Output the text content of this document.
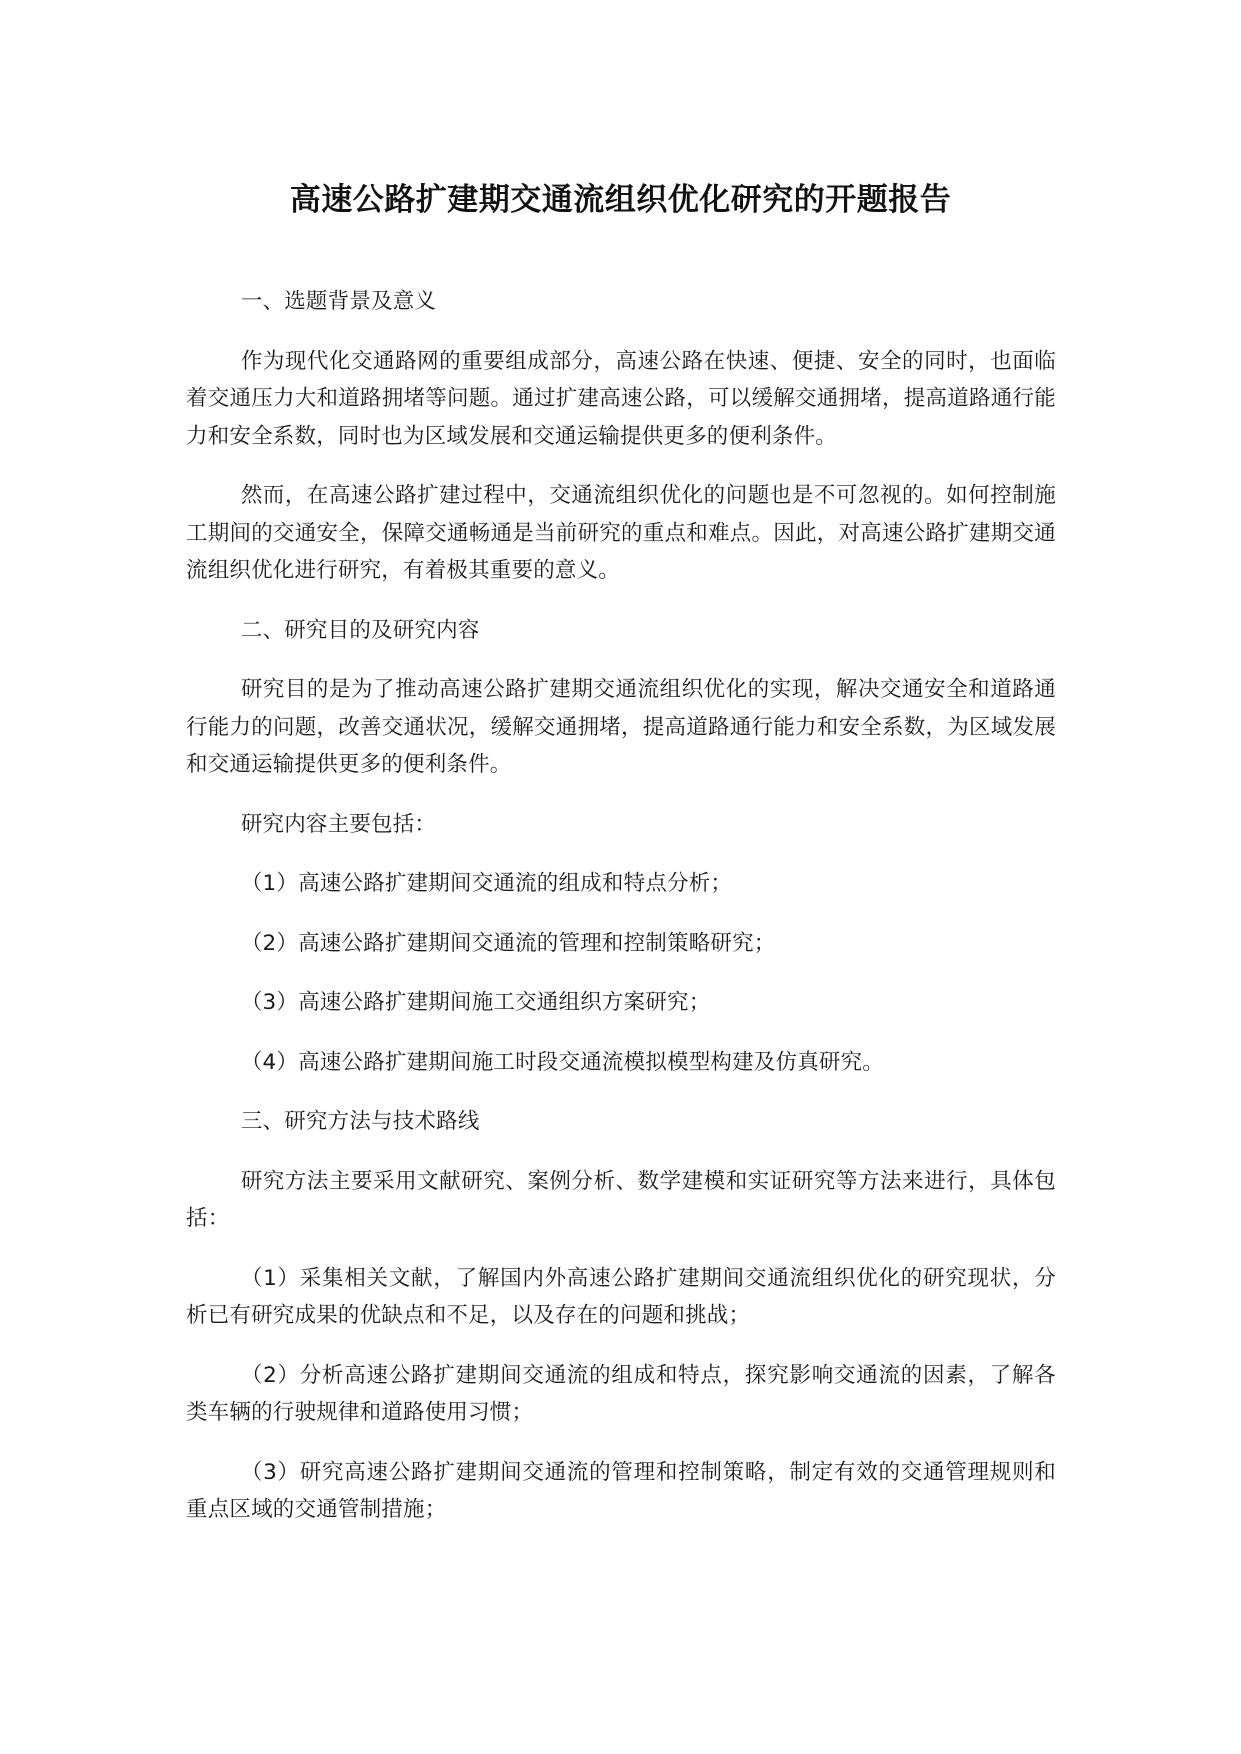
高速公路扩建期交通流组织优化研究的开题报告

一、选题背景及意义

作为现代化交通路网的重要组成部分，高速公路在快速、便捷、安全的同时，也面临着交通压力大和道路拥堵等问题。通过扩建高速公路，可以缓解交通拥堵，提高道路通行能力和安全系数，同时也为区域发展和交通运输提供更多的便利条件。

然而，在高速公路扩建过程中，交通流组织优化的问题也是不可忽视的。如何控制施工期间的交通安全，保障交通畅通是当前研究的重点和难点。因此，对高速公路扩建期交通流组织优化进行研究，有着极其重要的意义。

二、研究目的及研究内容

研究目的是为了推动高速公路扩建期交通流组织优化的实现，解决交通安全和道路通行能力的问题，改善交通状况，缓解交通拥堵，提高道路通行能力和安全系数，为区域发展和交通运输提供更多的便利条件。

研究内容主要包括：

（1）高速公路扩建期间交通流的组成和特点分析；

（2）高速公路扩建期间交通流的管理和控制策略研究；

（3）高速公路扩建期间施工交通组织方案研究；

（4）高速公路扩建期间施工时段交通流模拟模型构建及仿真研究。

三、研究方法与技术路线

研究方法主要采用文献研究、案例分析、数学建模和实证研究等方法来进行，具体包括：

（1）采集相关文献，了解国内外高速公路扩建期间交通流组织优化的研究现状，分析已有研究成果的优缺点和不足，以及存在的问题和挑战；

（2）分析高速公路扩建期间交通流的组成和特点，探究影响交通流的因素，了解各类车辆的行驶规律和道路使用习惯；

（3）研究高速公路扩建期间交通流的管理和控制策略，制定有效的交通管理规则和重点区域的交通管制措施；
